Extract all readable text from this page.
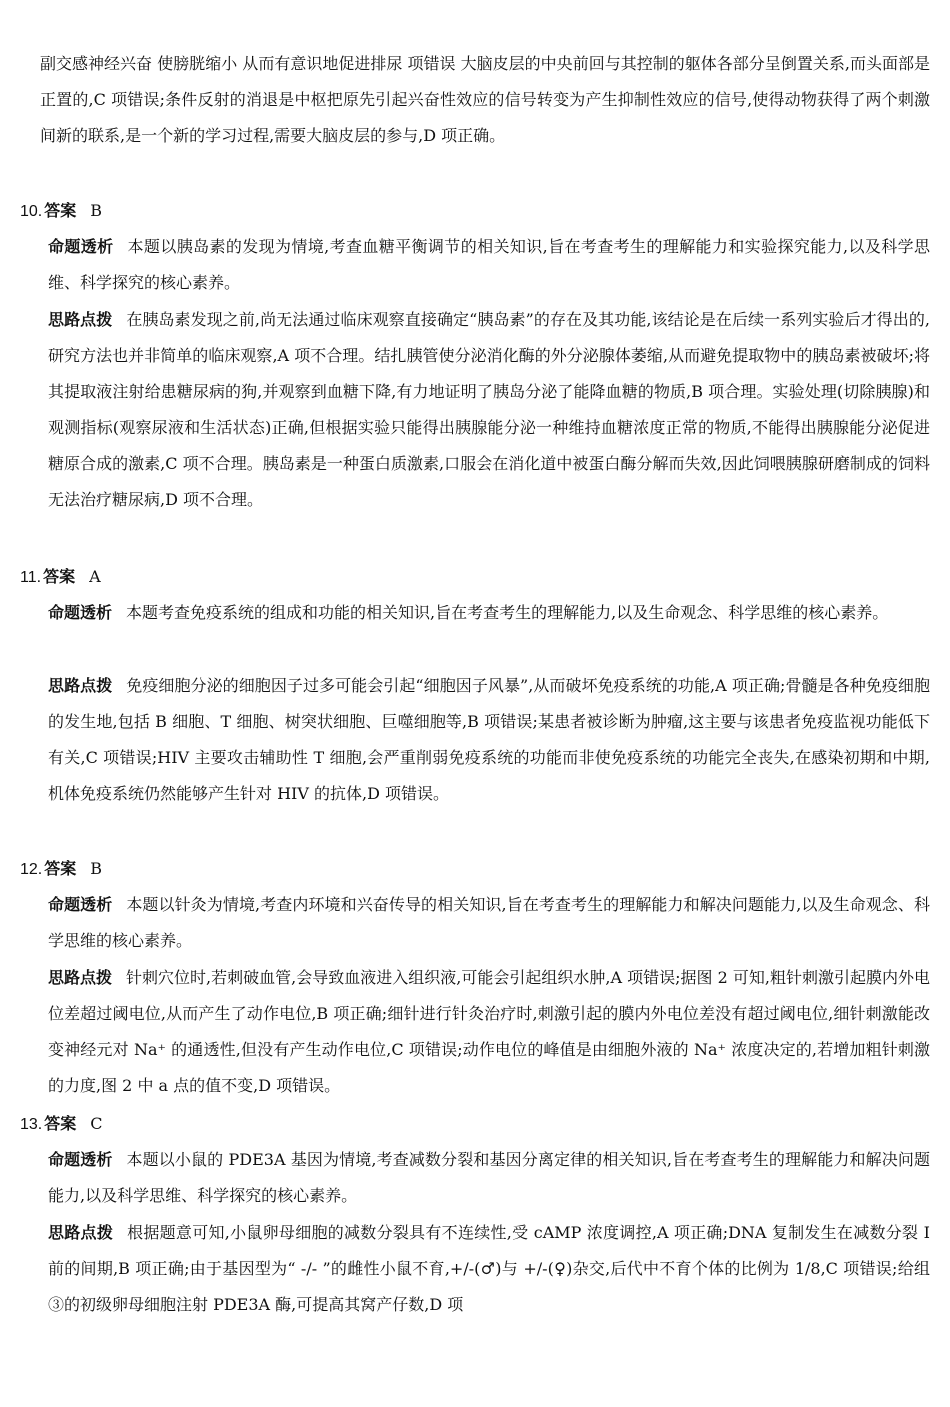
副交感神经兴奋 使膀胱缩小 从而有意识地促进排尿 项错误 大脑皮层的中央前回与其控制的躯体各部分呈倒置关系,而头面部是正置的,C 项错误;条件反射的消退是中枢把原先引起兴奋性效应的信号转变为产生抑制性效应的信号,使得动物获得了两个刺激间新的联系,是一个新的学习过程,需要大脑皮层的参与,D 项正确。

10. 答案 B

命题透析 本题以胰岛素的发现为情境,考查血糖平衡调节的相关知识,旨在考查考生的理解能力和实验探究能力,以及科学思维、科学探究的核心素养。

思路点拨 在胰岛素发现之前,尚无法通过临床观察直接确定“胰岛素”的存在及其功能,该结论是在后续一系列实验后才得出的,研究方法也并非简单的临床观察,A 项不合理。结扎胰管使分泌消化酶的外分泌腺体萎缩,从而避免提取物中的胰岛素被破坏;将其提取液注射给患糖尿病的狗,并观察到血糖下降,有力地证明了胰岛分泌了能降血糖的物质,B 项合理。实验处理(切除胰腺)和观测指标(观察尿液和生活状态)正确,但根据实验只能得出胰腺能分泌一种维持血糖浓度正常的物质,不能得出胰腺能分泌促进糖原合成的激素,C 项不合理。胰岛素是一种蛋白质激素,口服会在消化道中被蛋白酶分解而失效,因此饲喂胰腺研磨制成的饲料无法治疗糖尿病,D 项不合理。

11. 答案 A

命题透析 本题考查免疫系统的组成和功能的相关知识,旨在考查考生的理解能力,以及生命观念、科学思维的核心素养。

思路点拨 免疫细胞分泌的细胞因子过多可能会引起“细胞因子风暴”,从而破坏免疫系统的功能,A 项正确;骨髓是各种免疫细胞的发生地,包括 B 细胞、T 细胞、树突状细胞、巨噬细胞等,B 项错误;某患者被诊断为肿瘤,这主要与该患者免疫监视功能低下有关,C 项错误;HIV 主要攻击辅助性 T 细胞,会严重削弱免疫系统的功能而非使免疫系统的功能完全丧失,在感染初期和中期,机体免疫系统仍然能够产生针对 HIV 的抗体,D 项错误。

12. 答案 B

命题透析 本题以针灸为情境,考查内环境和兴奋传导的相关知识,旨在考查考生的理解能力和解决问题能力,以及生命观念、科学思维的核心素养。

思路点拨 针刺穴位时,若刺破血管,会导致血液进入组织液,可能会引起组织水肿,A 项错误;据图 2 可知,粗针刺激引起膜内外电位差超过阈电位,从而产生了动作电位,B 项正确;细针进行针灸治疗时,刺激引起的膜内外电位差没有超过阈电位,细针刺激能改变神经元对 Na⁺ 的通透性,但没有产生动作电位,C 项错误;动作电位的峰值是由细胞外液的 Na⁺ 浓度决定的,若增加粗针刺激的力度,图 2 中 a 点的值不变,D 项错误。

13. 答案 C

命题透析 本题以小鼠的 PDE3A 基因为情境,考查减数分裂和基因分离定律的相关知识,旨在考查考生的理解能力和解决问题能力,以及科学思维、科学探究的核心素养。

思路点拨 根据题意可知,小鼠卵母细胞的减数分裂具有不连续性,受 cAMP 浓度调控,A 项正确;DNA 复制发生在减数分裂 Ⅰ 前的间期,B 项正确;由于基因型为“ -/- ”的雌性小鼠不育,+/-(♂)与 +/-(♀)杂交,后代中不育个体的比例为 1/8,C 项错误;给组③的初级卵母细胞注射 PDE3A 酶,可提高其窝产仔数,D 项
